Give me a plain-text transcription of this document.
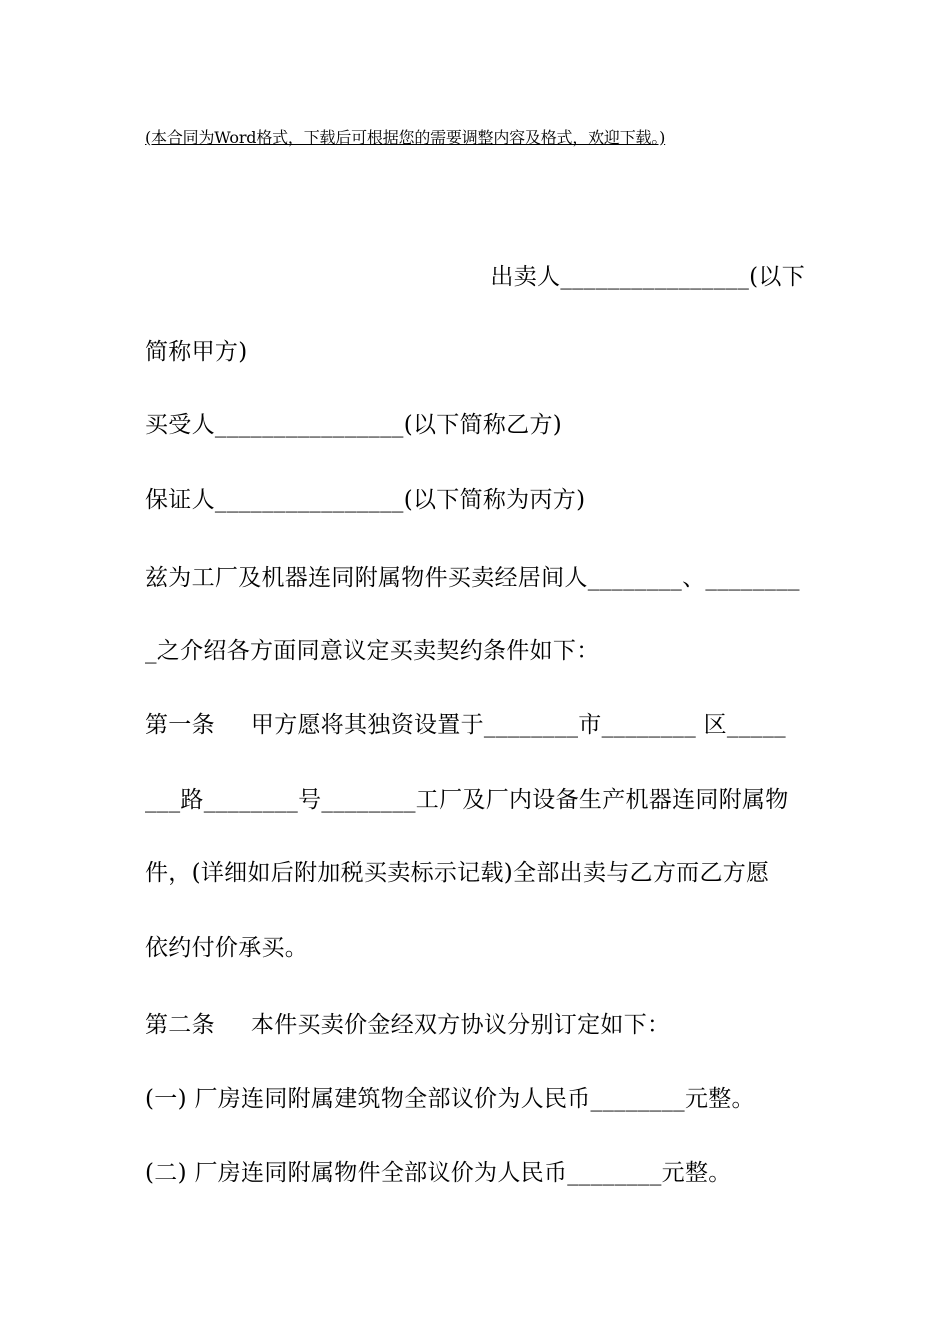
(本合同为Word格式，下载后可根据您的需要调整内容及格式，欢迎下载。)
出卖人________________(以下
简称甲方)
买受人________________(以下简称乙方)
保证人________________(以下简称为丙方)
兹为工厂及机器连同附属物件买卖经居间人________、________
_之介绍各方面同意议定买卖契约条件如下：
第一条 甲方愿将其独资设置于________市________ 区_____
___路________号________工厂及厂内设备生产机器连同附属物
件，(详细如后附加税买卖标示记载)全部出卖与乙方而乙方愿
依约付价承买。
第二条 本件买卖价金经双方协议分别订定如下：
(一) 厂房连同附属建筑物全部议价为人民币________元整。
(二) 厂房连同附属物件全部议价为人民币________元整。
